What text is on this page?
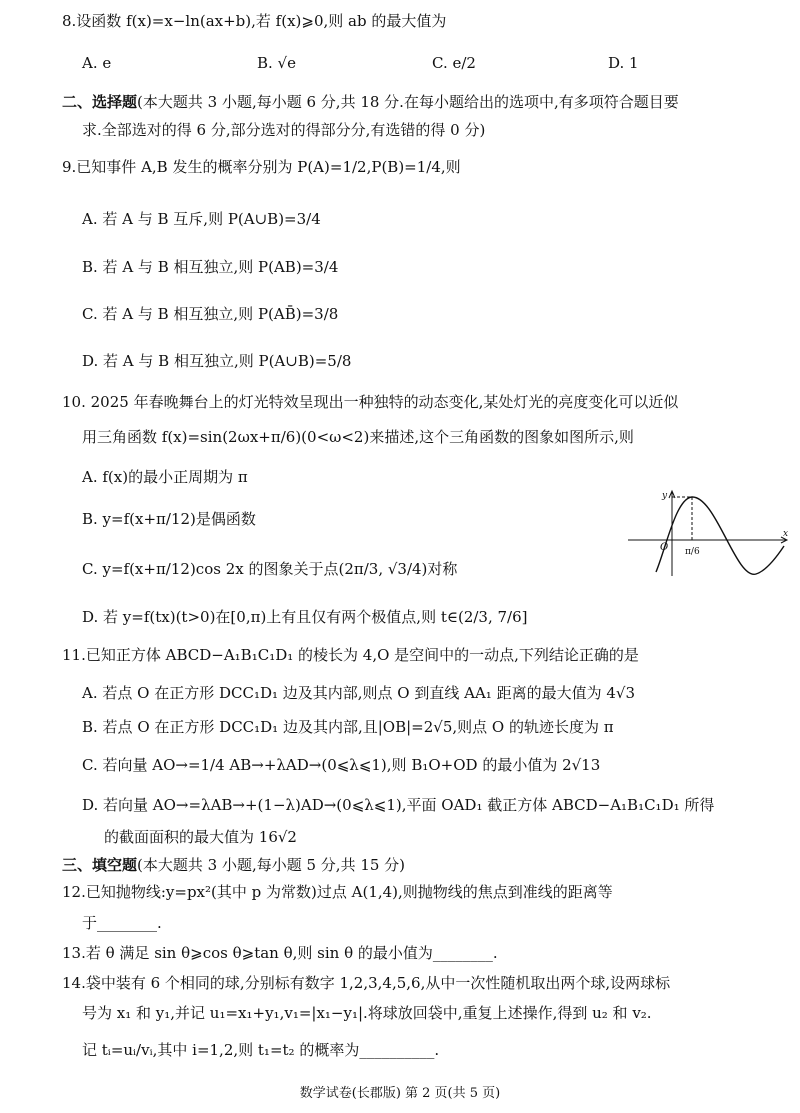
8.设函数 f(x)=x−ln(ax+b),若 f(x)⩾0,则 ab 的最大值为
A. e	B. √e	C. e/2	D. 1
二、选择题(本大题共 3 小题,每小题 6 分,共 18 分.在每小题给出的选项中,有多项符合题目要
求.全部选对的得 6 分,部分选对的得部分分,有选错的得 0 分)
9.已知事件 A,B 发生的概率分别为 P(A)=1/2,P(B)=1/4,则
A. 若 A 与 B 互斥,则 P(A∪B)=3/4
B. 若 A 与 B 相互独立,则 P(AB)=3/4
C. 若 A 与 B 相互独立,则 P(AB̄)=3/8
D. 若 A 与 B 相互独立,则 P(A∪B)=5/8
10. 2025 年春晚舞台上的灯光特效呈现出一种独特的动态变化,某处灯光的亮度变化可以近似
用三角函数 f(x)=sin(2ωx+π/6)(0<ω<2)来描述,这个三角函数的图象如图所示,则
A. f(x)的最小正周期为 π
B. y=f(x+π/12)是偶函数
C. y=f(x+π/12)cos 2x 的图象关于点(2π/3, √3/4)对称
D. 若 y=f(tx)(t>0)在[0,π)上有且仅有两个极值点,则 t∈(2/3, 7/6]
y
x
O π/6
11.已知正方体 ABCD−A₁B₁C₁D₁ 的棱长为 4,O 是空间中的一动点,下列结论正确的是
A. 若点 O 在正方形 DCC₁D₁ 边及其内部,则点 O 到直线 AA₁ 距离的最大值为 4√3
B. 若点 O 在正方形 DCC₁D₁ 边及其内部,且|OB|=2√5,则点 O 的轨迹长度为 π
C. 若向量 AO→=1/4 AB→+λAD→(0⩽λ⩽1),则 B₁O+OD 的最小值为 2√13
D. 若向量 AO→=λAB→+(1−λ)AD→(0⩽λ⩽1),平面 OAD₁ 截正方体 ABCD−A₁B₁C₁D₁ 所得
的截面面积的最大值为 16√2
三、填空题(本大题共 3 小题,每小题 5 分,共 15 分)
12.已知抛物线:y=px²(其中 p 为常数)过点 A(1,4),则抛物线的焦点到准线的距离等
于________.
13.若 θ 满足 sin θ⩾cos θ⩾tan θ,则 sin θ 的最小值为________.
14.袋中装有 6 个相同的球,分别标有数字 1,2,3,4,5,6,从中一次性随机取出两个球,设两球标
号为 x₁ 和 y₁,并记 u₁=x₁+y₁,v₁=|x₁−y₁|.将球放回袋中,重复上述操作,得到 u₂ 和 v₂.
记 tᵢ=uᵢ/vᵢ,其中 i=1,2,则 t₁=t₂ 的概率为__________.
数学试卷(长郡版) 第 2 页(共 5 页)
